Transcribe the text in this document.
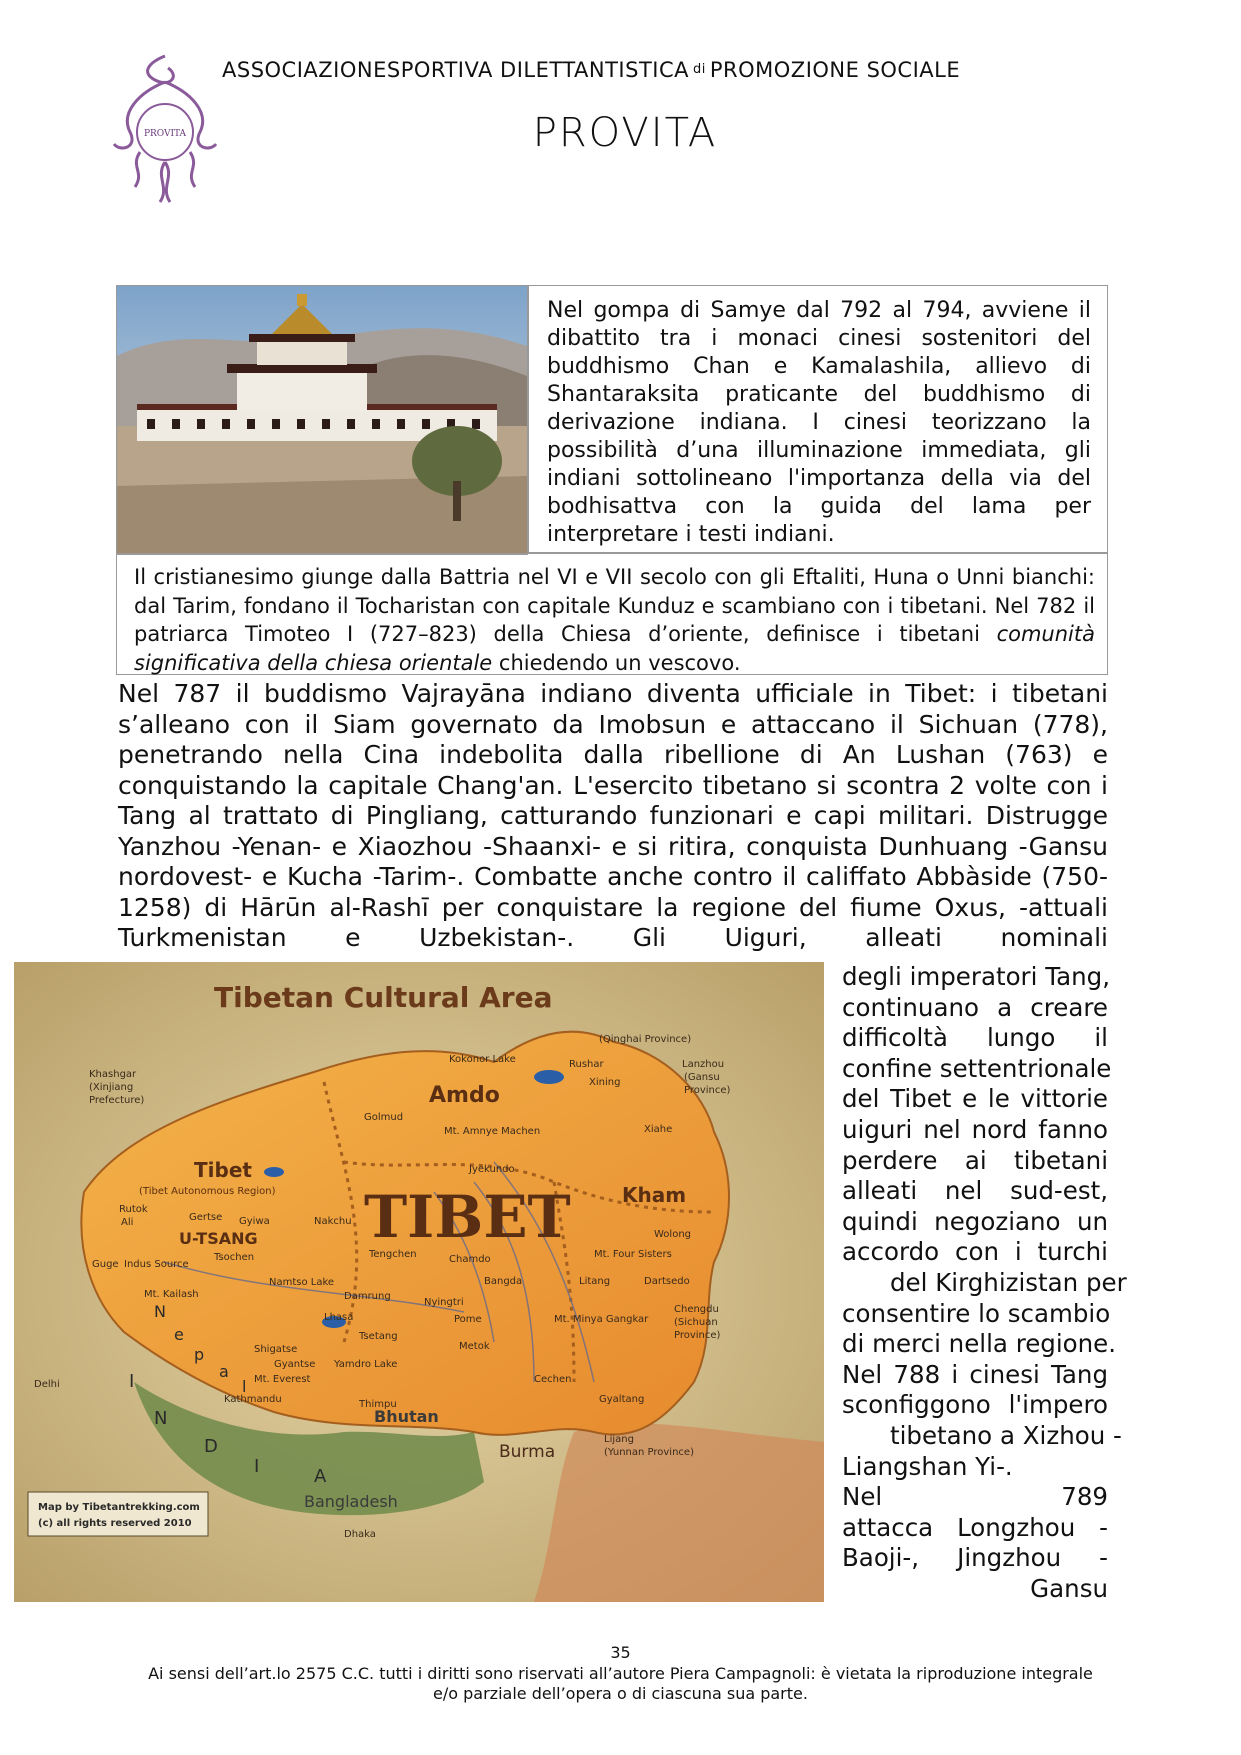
PROVITA
ASSOCIAZIONESPORTIVA DILETTANTISTICA di PROMOZIONE SOCIALE
PROVITA
Nel gompa di Samye dal 792 al 794, avviene il dibattito tra i monaci cinesi sostenitori del buddhismo Chan e Kamalashila, allievo di Shantaraksita praticante del buddhismo di derivazione indiana. I cinesi teorizzano la possibilità d’una illuminazione immediata, gli indiani sottolineano l'importanza della via del bodhisattva con la guida del lama per interpretare i testi indiani.
Il cristianesimo giunge dalla Battria nel VI e VII secolo con gli Eftaliti, Huna o Unni bianchi: dal Tarim, fondano il Tocharistan con capitale Kunduz e scambiano con i tibetani. Nel 782 il patriarca Timoteo I (727–823) della Chiesa d’oriente, definisce i tibetani comunità significativa della chiesa orientale chiedendo un vescovo.

Nel 787 il buddismo Vajrayāna indiano diventa ufficiale in Tibet: i tibetani s’alleano con il Siam governato da Imobsun e attaccano il Sichuan (778), penetrando nella Cina indebolita dalla ribellione di An Lushan (763) e conquistando la capitale Chang'an. L'esercito tibetano si scontra 2 volte con i Tang al trattato di Pingliang, catturando funzionari e capi militari. Distrugge Yanzhou -Yenan- e Xiaozhou -Shaanxi- e si ritira, conquista Dunhuang -Gansu nordovest- e Kucha -Tarim-. Combatte anche contro il califfato Abbàside (750-1258) di Hārūn al-Rashī per conquistare la regione del fiume Oxus, -attuali Turkmenistan e Uzbekistan-. Gli Uiguri, alleati nominali

Tibetan Cultural Area
TIBET
Amdo
Kham
Tibet
(Tibet Autonomous Region)
U-TSANG
Bhutan
Burma
Bangladesh
N
e
p
a
l
I
N
D
I	A
Khashgar
(Xinjiang
Prefecture)
(Qinghai Province)
Kokonor Lake	Rushar
Xining
Lanzhou
(Gansu
Province)
Xiahe
Golmud
Mt. Amnye Machen
Jyekundo
Rutok
Ali	Gertse Gyiwa	Nakchu
Tengchen	Chamdo
Wolong
Mt. Four Sisters
Guge Indus Source
Tsochen
Mt. Kailash
Namtso Lake
Damrung
Bangda	Litang	Dartsedo
Lhasa
Nyingtri
Pome	Mt. Minya Gangkar
Chengdu
(Sichuan
Province)
Tsetang
Metok
Shigatse
Gyantse Yamdro Lake
Mt. Everest	Cechen
Gyaltang
Delhi
Kathmandu	Thimpu
Lijang
(Yunnan Province)
Dhaka
Map by Tibetantrekking.com
(c) all rights reserved 2010
degli imperatori Tang,
continuano a creare
difficoltà lungo il
confine settentrionale
del Tibet e le vittorie
uiguri nel nord fanno
perdere ai tibetani
alleati nel sud-est,
quindi negoziano un
accordo con i turchi
del Kirghizistan per
consentire lo scambio
di merci nella regione.
Nel 788 i cinesi Tang
sconfiggono l'impero
tibetano a Xizhou -
Liangshan Yi-.
Nel 789
attacca Longzhou -
Baoji-, Jingzhou -
Gansu
35
Ai sensi dell’art.lo 2575 C.C. tutti i diritti sono riservati all’autore Piera Campagnoli: è vietata la riproduzione integrale
e/o parziale dell’opera o di ciascuna sua parte.
